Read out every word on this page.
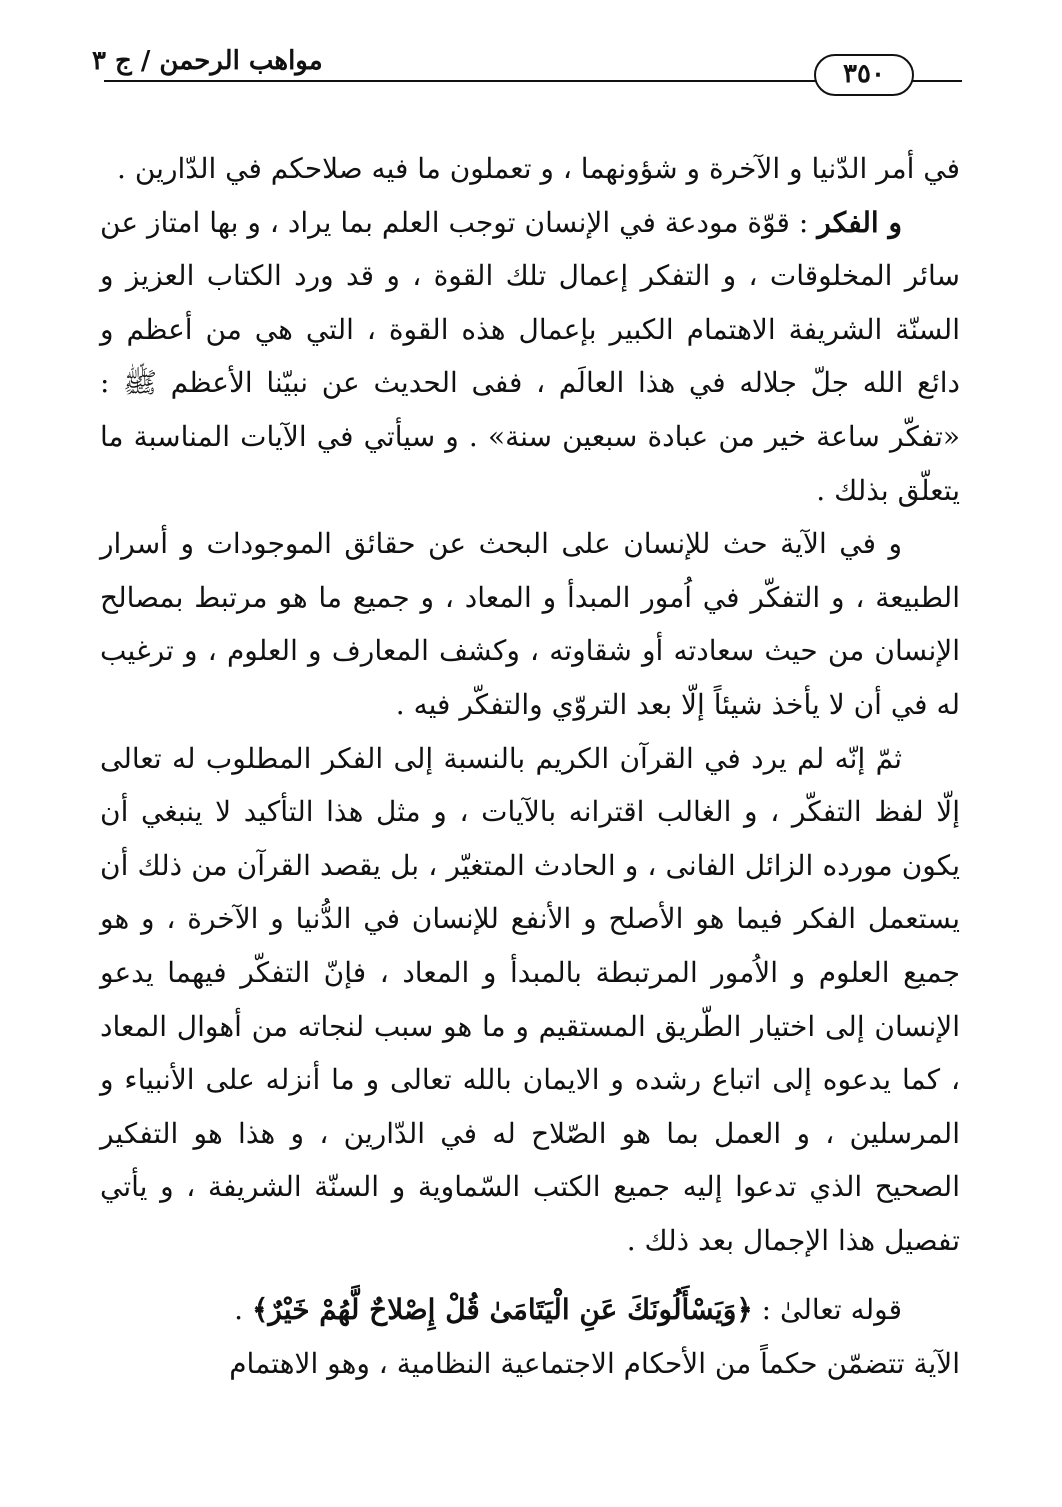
مواهب الرحمن / ج ٣	٣٥٠

في أمر الدّنيا و الآخرة و شؤونهما ، و تعملون ما فيه صلاحكم في الدّارين .

و الفكر : قوّة مودعة في الإنسان توجب العلم بما يراد ، و بها امتاز عن سائر المخلوقات ، و التفكر إعمال تلك القوة ، و قد ورد الكتاب العزيز و السنّة الشريفة الاهتمام الكبير بإعمال هذه القوة ، التي هي من أعظم و دائع الله جلّ جلاله في هذا العالَم ، ففى الحديث عن نبيّنا الأعظم ﷺ : «تفكّر ساعة خير من عبادة سبعين سنة» . و سيأتي في الآيات المناسبة ما يتعلّق بذلك .

و في الآية حث للإنسان على البحث عن حقائق الموجودات و أسرار الطبيعة ، و التفكّر في اُمور المبدأ و المعاد ، و جميع ما هو مرتبط بمصالح الإنسان من حيث سعادته أو شقاوته ، وكشف المعارف و العلوم ، و ترغيب له في أن لا يأخذ شيئاً إلّا بعد التروّي والتفكّر فيه .

ثمّ إنّه لم يرد في القرآن الكريم بالنسبة إلى الفكر المطلوب له تعالى إلّا لفظ التفكّر ، و الغالب اقترانه بالآيات ، و مثل هذا التأكيد لا ينبغي أن يكون مورده الزائل الفانى ، و الحادث المتغيّر ، بل يقصد القرآن من ذلك أن يستعمل الفكر فيما هو الأصلح و الأنفع للإنسان في الدُّنيا و الآخرة ، و هو جميع العلوم و الاُمور المرتبطة بالمبدأ و المعاد ، فإنّ التفكّر فيهما يدعو الإنسان إلى اختيار الطّريق المستقيم و ما هو سبب لنجاته من أهوال المعاد ، كما يدعوه إلى اتباع رشده و الايمان بالله تعالى و ما أنزله على الأنبياء و المرسلين ، و العمل بما هو الصّلاح له في الدّارين ، و هذا هو التفكير الصحيح الذي تدعوا إليه جميع الكتب السّماوية و السنّة الشريفة ، و يأتي تفصيل هذا الإجمال بعد ذلك .

قوله تعالىٰ : ﴿وَيَسْأَلُونَكَ عَنِ الْيَتَامَىٰ قُلْ إِصْلاحٌ لَّهُمْ خَيْرٌ﴾ .

الآية تتضمّن حكماً من الأحكام الاجتماعية النظامية ، وهو الاهتمام
